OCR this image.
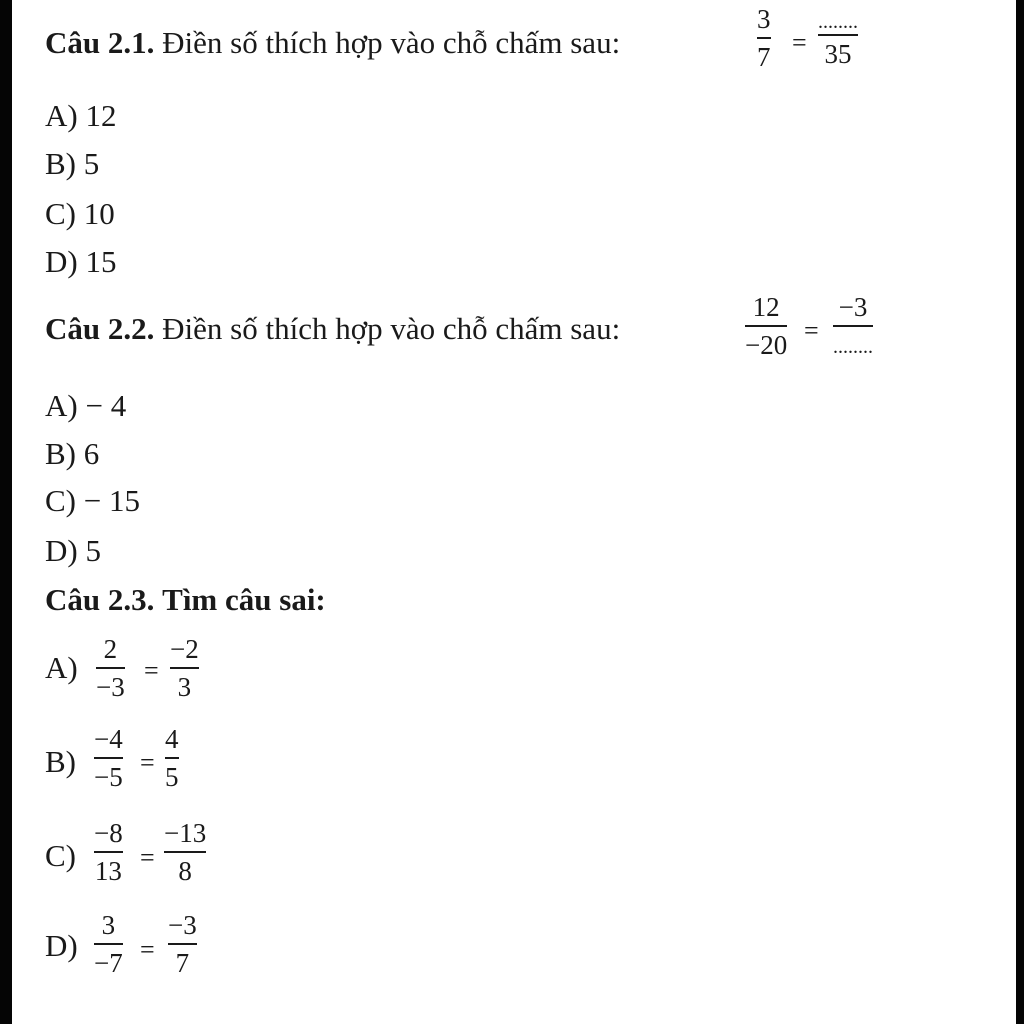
Câu 2.1. Điền số thích hợp vào chỗ chấm sau:	$\frac{3}{7}$ =
........
35
A) 12
B) 5
C) 10
D) 15
Câu 2.2. Điền số thích hợp vào chỗ chấm sau:	$\frac{12}{-20}$ =
−3
........
A) − 4
B) 6
C) − 15
D) 5
Câu 2.3. Tìm câu sai:
$A) \frac{2}{-3} = \frac{-2}{3}$
$B) \frac{-4}{-5} = \frac{4}{5}$
$C) \frac{-8}{13} = \frac{-13}{8}$
$D) \frac{3}{-7} = \frac{-3}{7}$
